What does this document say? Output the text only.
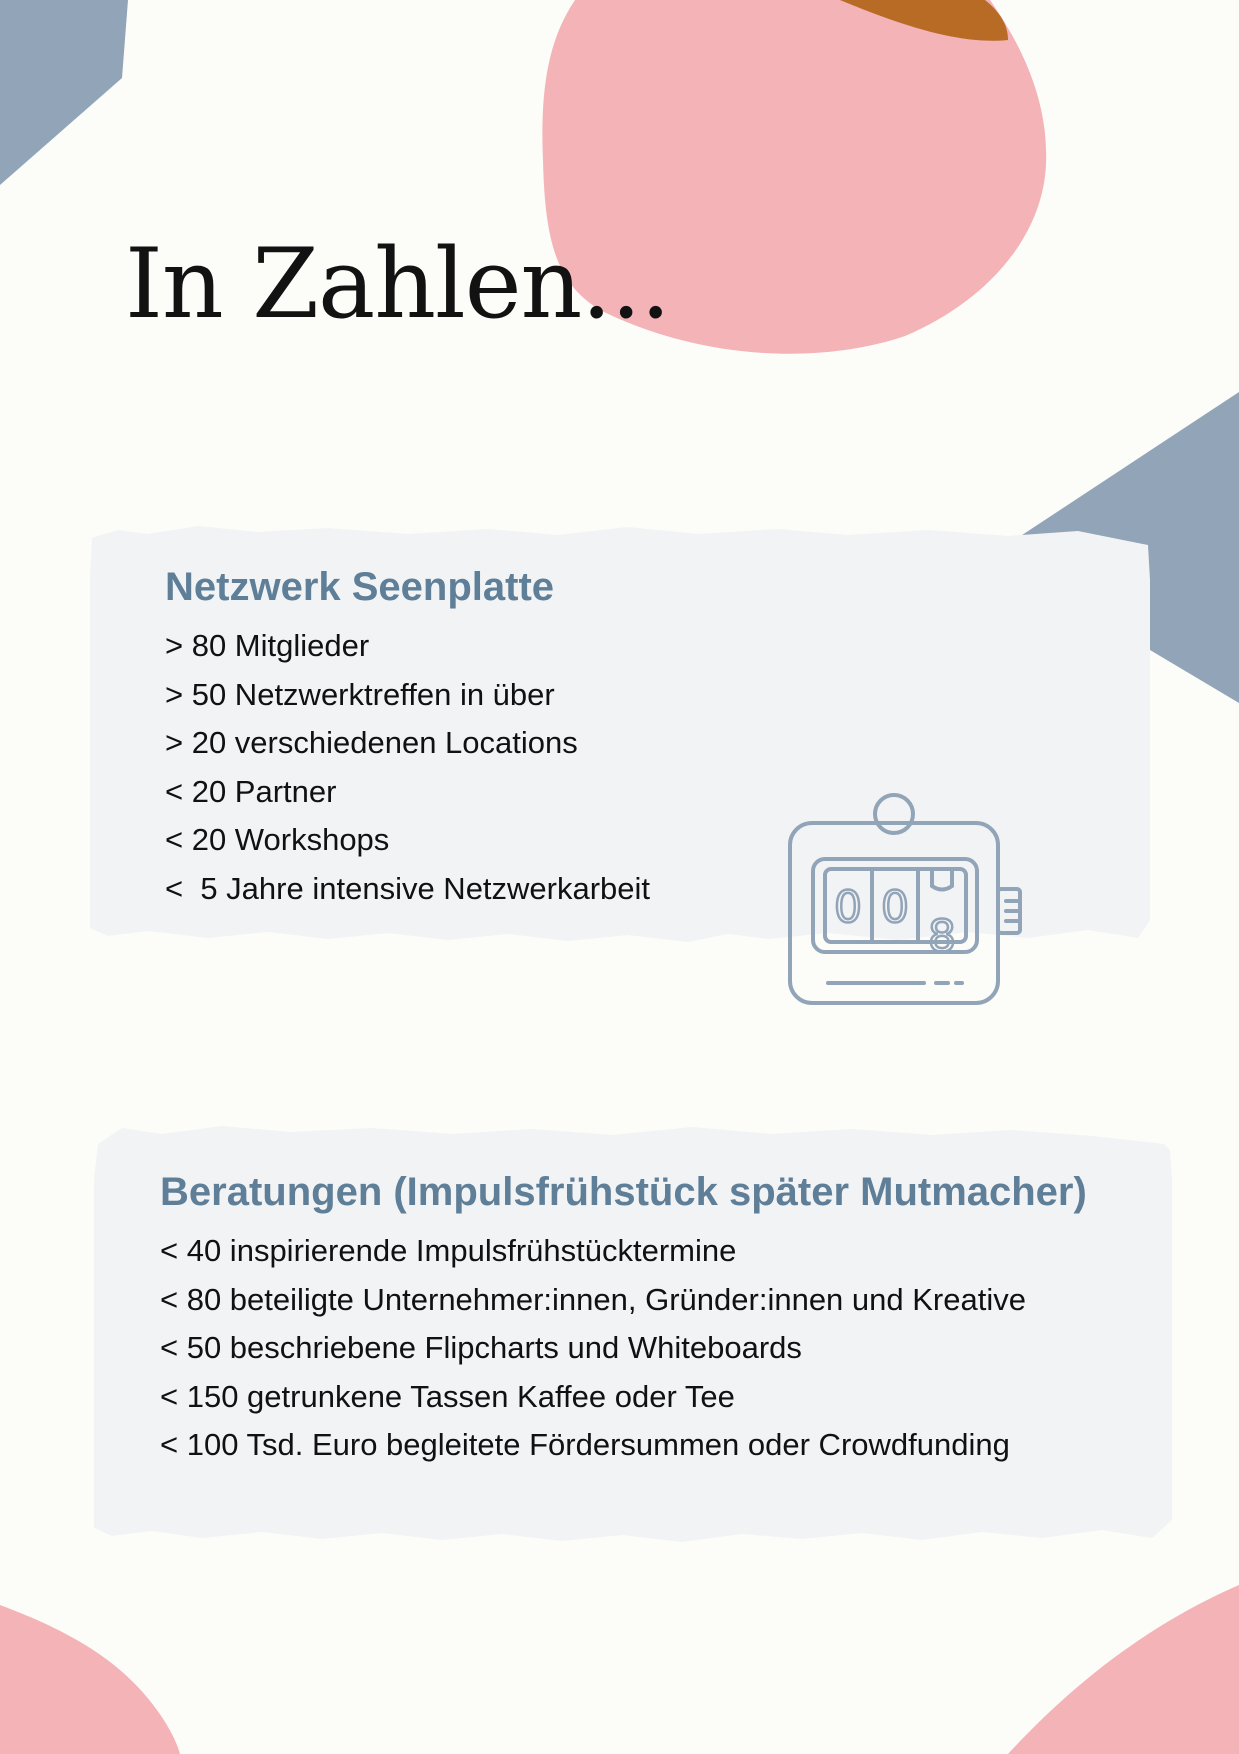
In Zahlen...
Netzwerk Seenplatte
> 80 Mitglieder
> 50 Netzwerktreffen in über
> 20 verschiedenen Locations
< 20 Partner
< 20 Workshops
<  5 Jahre intensive Netzwerkarbeit	0 0
8
Beratungen (Impulsfrühstück später Mutmacher)
< 40 inspirierende Impulsfrühstücktermine
< 80 beteiligte Unternehmer:innen, Gründer:innen und Kreative
< 50 beschriebene Flipcharts und Whiteboards
< 150 getrunkene Tassen Kaffee oder Tee
< 100 Tsd. Euro begleitete Fördersummen oder Crowdfunding
